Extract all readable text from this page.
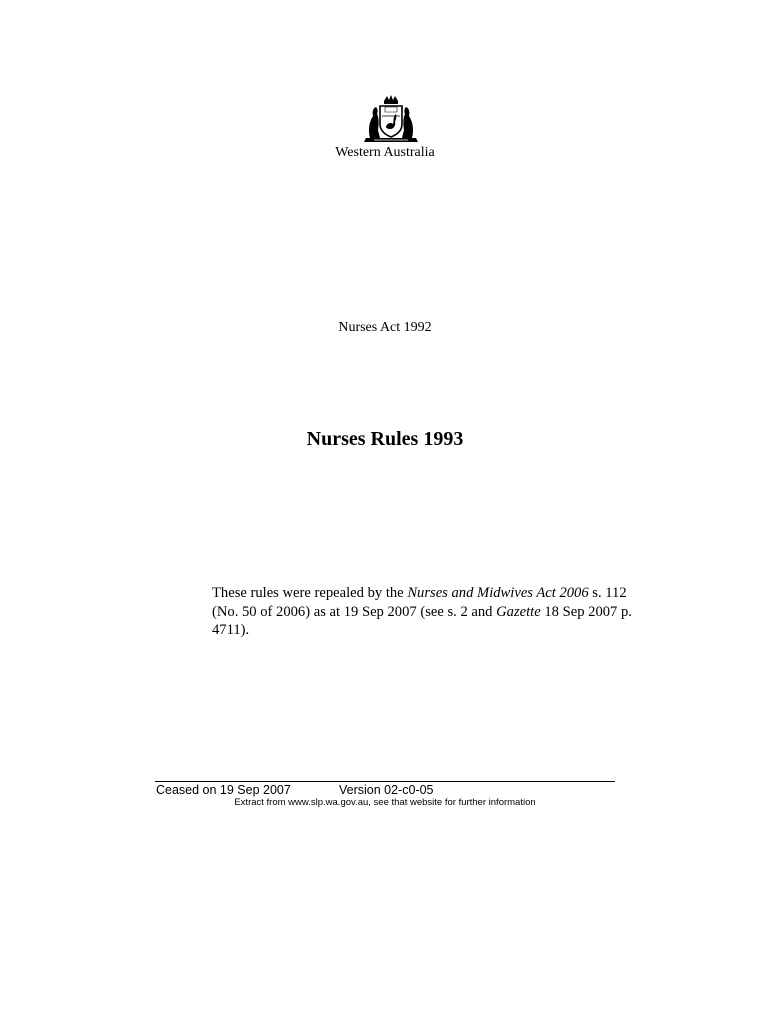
Western Australia
Nurses Act 1992
Nurses Rules 1993
These rules were repealed by the Nurses and Midwives Act 2006 s. 112 (No. 50 of 2006) as at 19 Sep 2007 (see s. 2 and Gazette 18 Sep 2007 p. 4711).
Ceased on 19 Sep 2007	Version 02-c0-05
Extract from www.slp.wa.gov.au, see that website for further information
